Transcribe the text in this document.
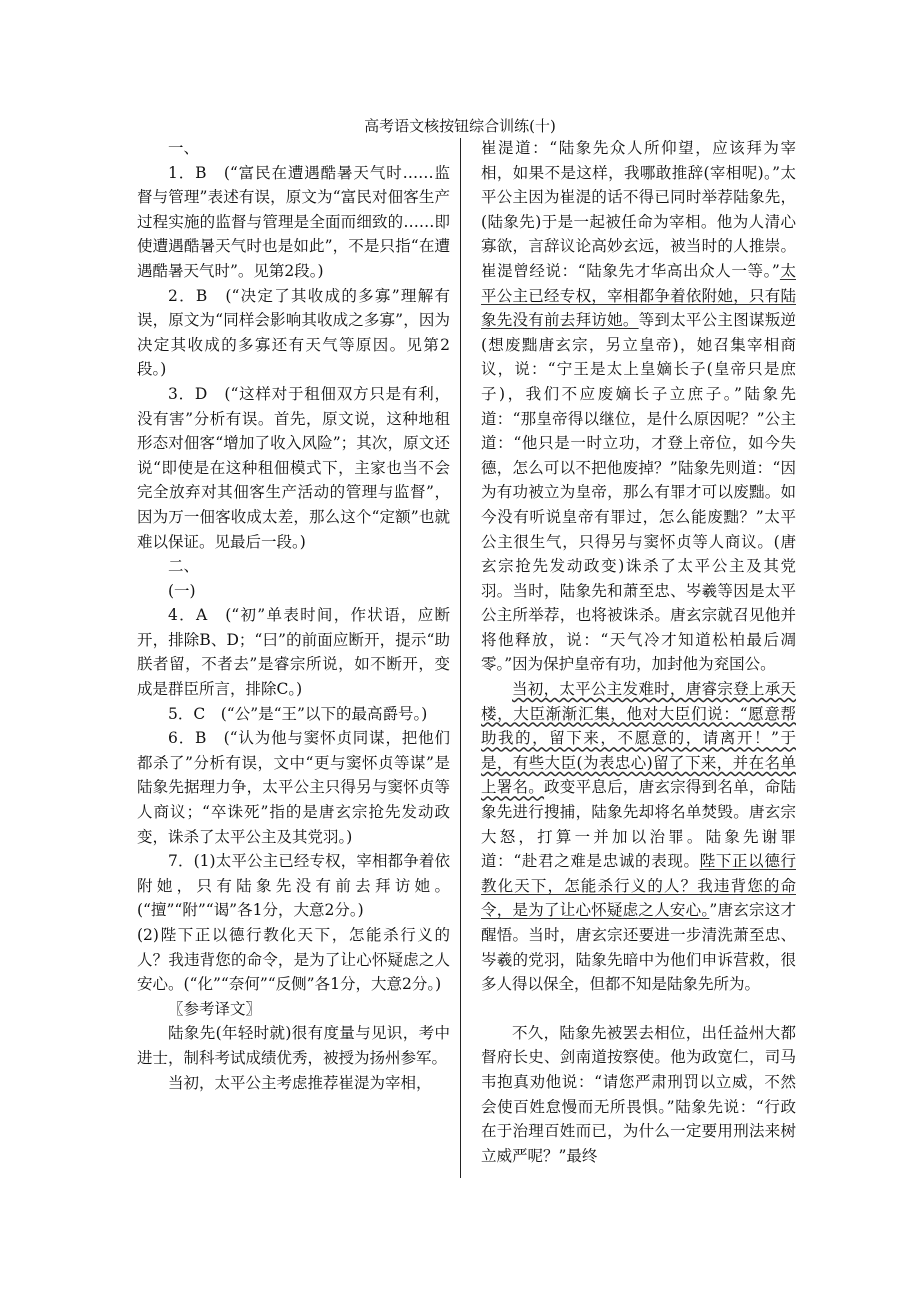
高考语文核按钮综合训练(十)

一、

1．B　(“富民在遭遇酷暑天气时……监督与管理”表述有误，原文为“富民对佃客生产过程实施的监督与管理是全面而细致的……即使遭遇酷暑天气时也是如此”，不是只指“在遭遇酷暑天气时”。见第2段。)

2．B　(“决定了其收成的多寡”理解有误，原文为“同样会影响其收成之多寡”，因为决定其收成的多寡还有天气等原因。见第2段。)

3．D　(“这样对于租佃双方只是有利，没有害”分析有误。首先，原文说，这种地租形态对佃客“增加了收入风险”；其次，原文还说“即使是在这种租佃模式下，主家也当不会完全放弃对其佃客生产活动的管理与监督”，因为万一佃客收成太差，那么这个“定额”也就难以保证。见最后一段。)

二、

(一)

4．A　(“初”单表时间，作状语，应断开，排除B、D；“曰”的前面应断开，提示“助朕者留，不者去”是睿宗所说，如不断开，变成是群臣所言，排除C。)

5．C　(“公”是“王”以下的最高爵号。)

6．B　(“认为他与窦怀贞同谋，把他们都杀了”分析有误，文中“更与窦怀贞等谋”是陆象先据理力争，太平公主只得另与窦怀贞等人商议；“卒诛死”指的是唐玄宗抢先发动政变，诛杀了太平公主及其党羽。)

7．(1)太平公主已经专权，宰相都争着依附她，只有陆象先没有前去拜访她。(“擅”“附”“谒”各1分，大意2分。)

(2)陛下正以德行教化天下，怎能杀行义的人？我违背您的命令，是为了让心怀疑虑之人安心。(“化”“奈何”“反侧”各1分，大意2分。)

〖参考译文〗

陆象先(年轻时就)很有度量与见识，考中进士，制科考试成绩优秀，被授为扬州参军。

当初，太平公主考虑推荐崔湜为宰相，

崔湜道：“陆象先众人所仰望，应该拜为宰相，如果不是这样，我哪敢推辞(宰相呢)。”太平公主因为崔湜的话不得已同时举荐陆象先，(陆象先)于是一起被任命为宰相。他为人清心寡欲，言辞议论高妙玄远，被当时的人推崇。崔湜曾经说：“陆象先才华高出众人一等。”太平公主已经专权，宰相都争着依附她，只有陆象先没有前去拜访她。等到太平公主图谋叛逆(想废黜唐玄宗，另立皇帝)，她召集宰相商议，说：“宁王是太上皇嫡长子(皇帝只是庶子)，我们不应废嫡长子立庶子。”陆象先道：“那皇帝得以继位，是什么原因呢？”公主道：“他只是一时立功，才登上帝位，如今失德，怎么可以不把他废掉？”陆象先则道：“因为有功被立为皇帝，那么有罪才可以废黜。如今没有听说皇帝有罪过，怎么能废黜？”太平公主很生气，只得另与窦怀贞等人商议。(唐玄宗抢先发动政变)诛杀了太平公主及其党羽。当时，陆象先和萧至忠、岑羲等因是太平公主所举荐，也将被诛杀。唐玄宗就召见他并将他释放，说：“天气冷才知道松柏最后凋零。”因为保护皇帝有功，加封他为兖国公。

当初，太平公主发难时，唐睿宗登上承天楼，大臣渐渐汇集，他对大臣们说：“愿意帮助我的，留下来，不愿意的，请离开！”于是，有些大臣(为表忠心)留了下来，并在名单上署名。政变平息后，唐玄宗得到名单，命陆象先进行搜捕，陆象先却将名单焚毁。唐玄宗大怒，打算一并加以治罪。陆象先谢罪道：“赴君之难是忠诚的表现。陛下正以德行教化天下，怎能杀行义的人？我违背您的命令，是为了让心怀疑虑之人安心。”唐玄宗这才醒悟。当时，唐玄宗还要进一步清洗萧至忠、岑羲的党羽，陆象先暗中为他们申诉营救，很多人得以保全，但都不知是陆象先所为。

不久，陆象先被罢去相位，出任益州大都督府长史、剑南道按察使。他为政宽仁，司马韦抱真劝他说：“请您严肃刑罚以立威，不然会使百姓怠慢而无所畏惧。”陆象先说：“行政在于治理百姓而已，为什么一定要用刑法来树立威严呢？”最终
